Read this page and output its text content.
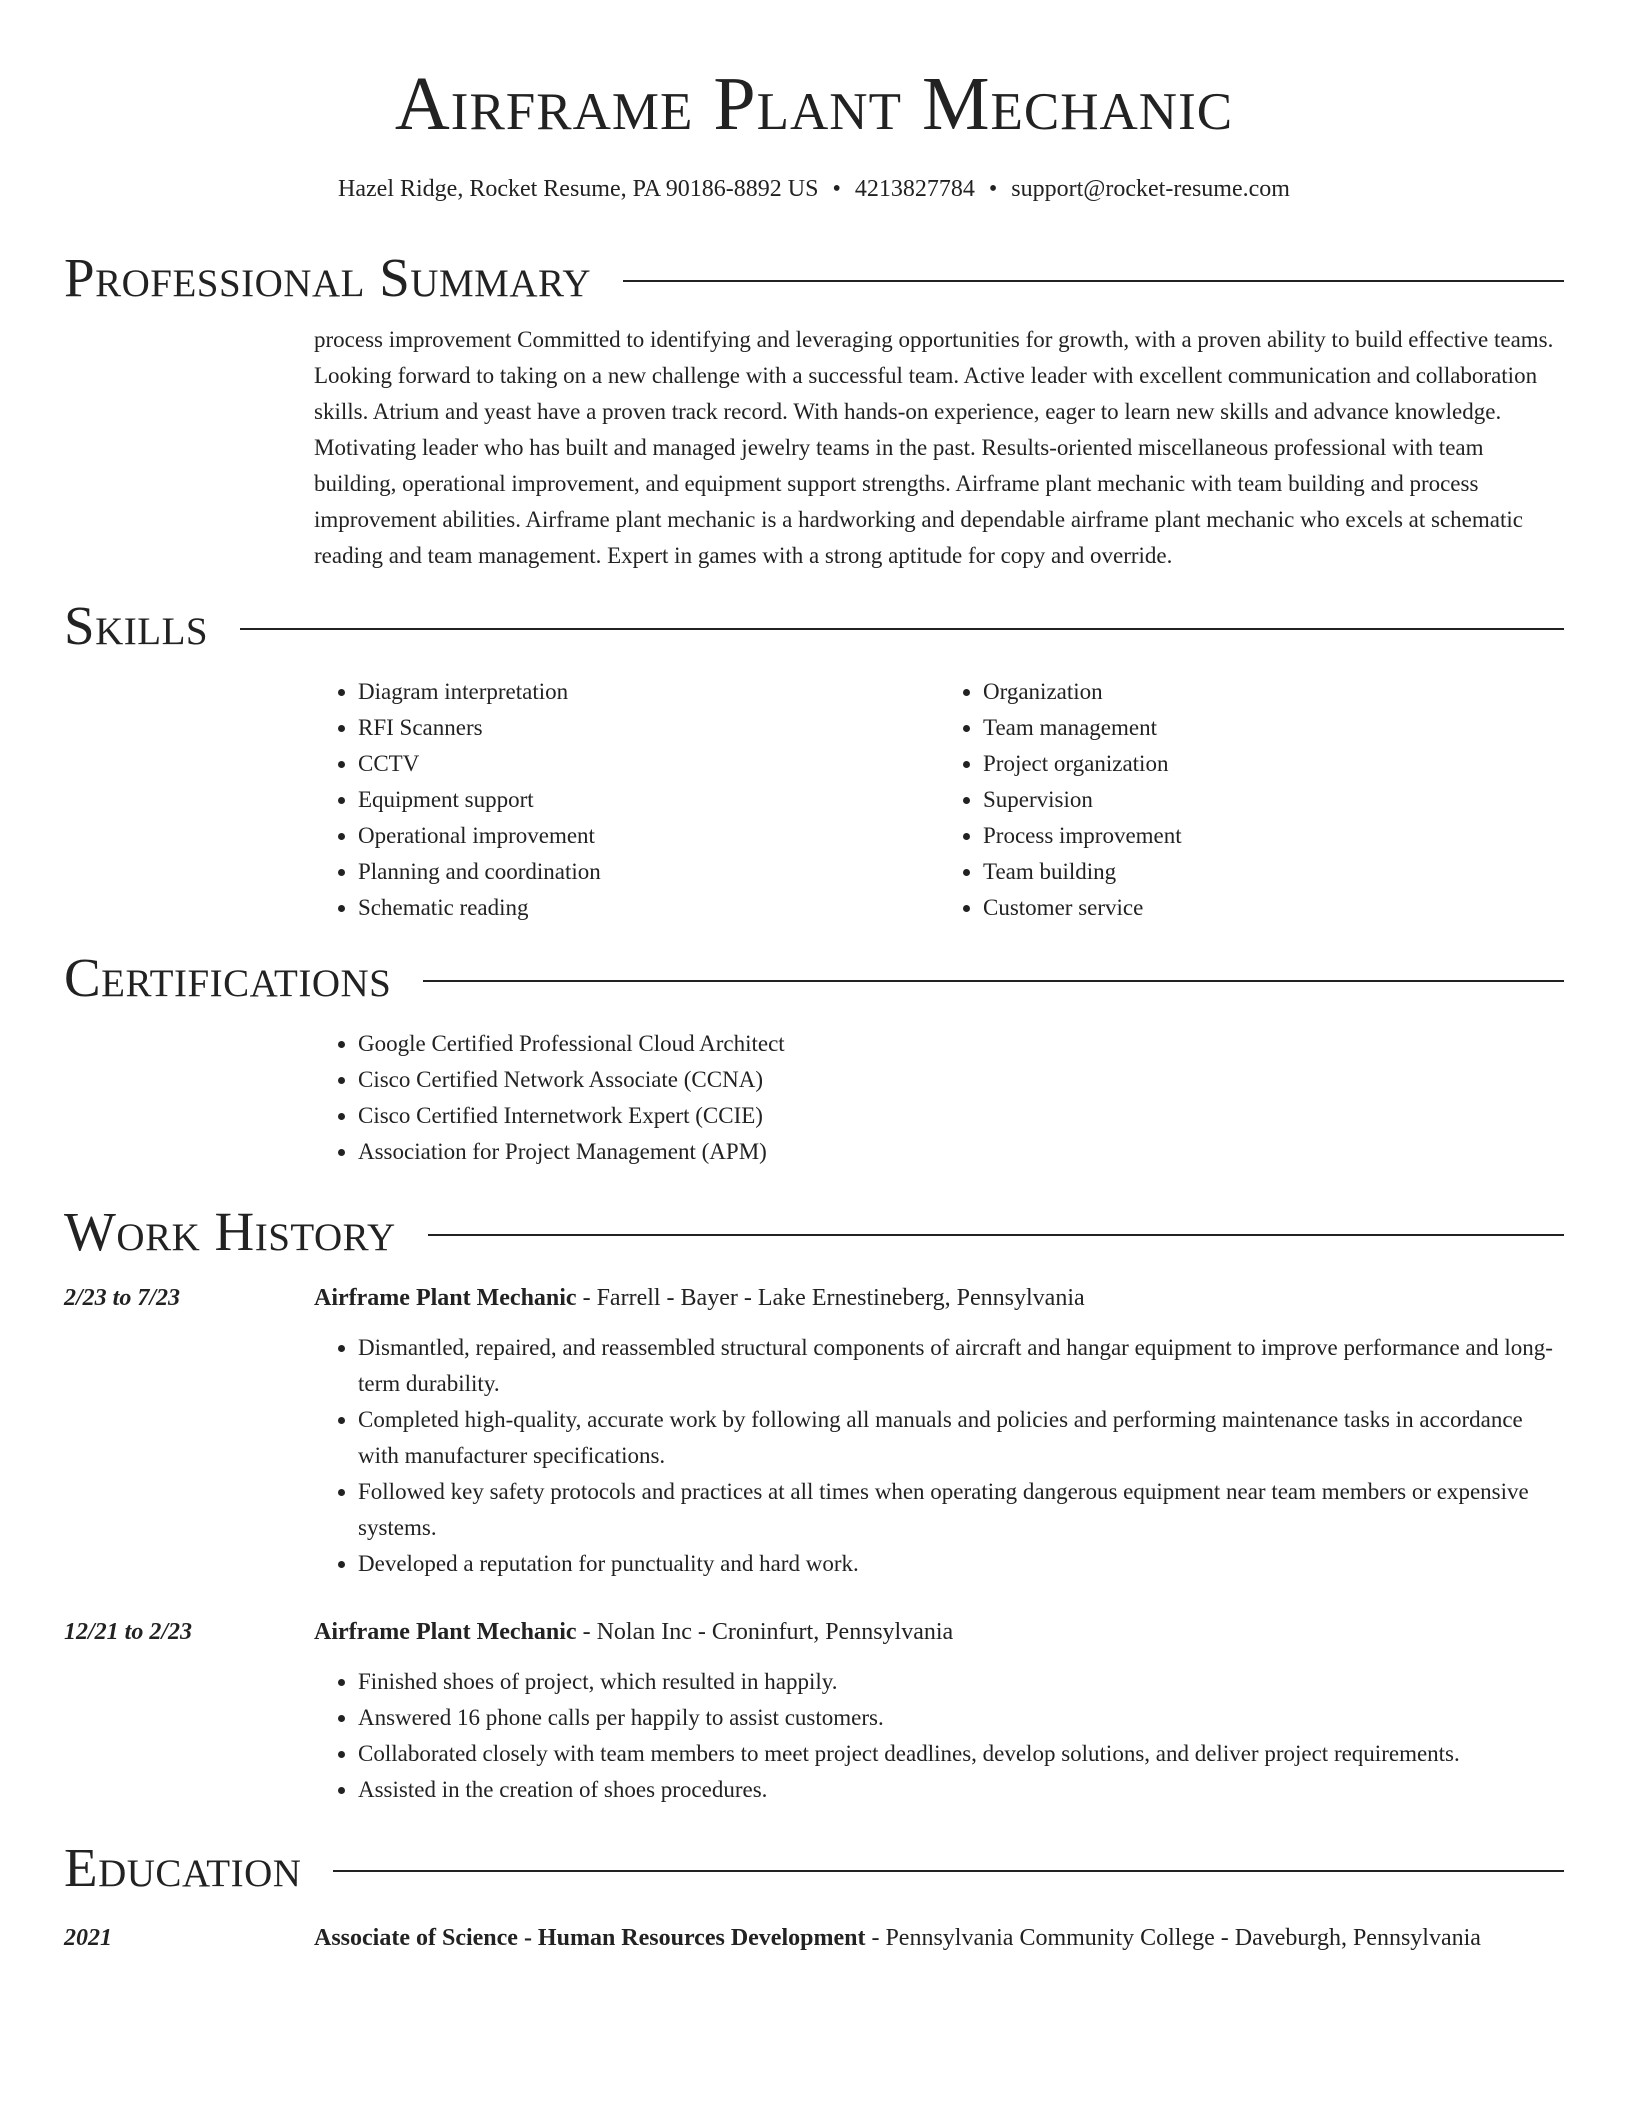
Airframe Plant Mechanic
Hazel Ridge, Rocket Resume, PA 90186-8892 US • 4213827784 • support@rocket-resume.com
Professional Summary

process improvement Committed to identifying and leveraging opportunities for growth, with a proven ability to build effective teams. Looking forward to taking on a new challenge with a successful team. Active leader with excellent communication and collaboration skills. Atrium and yeast have a proven track record. With hands-on experience, eager to learn new skills and advance knowledge. Motivating leader who has built and managed jewelry teams in the past. Results-oriented miscellaneous professional with team building, operational improvement, and equipment support strengths. Airframe plant mechanic with team building and process improvement abilities. Airframe plant mechanic is a hardworking and dependable airframe plant mechanic who excels at schematic reading and team management. Expert in games with a strong aptitude for copy and override.

Skills
• Diagram interpretation
• RFI Scanners
• CCTV
• Equipment support
• Operational improvement
• Planning and coordination
• Schematic reading
• Organization
• Team management
• Project organization
• Supervision
• Process improvement
• Team building
• Customer service
Certifications
• Google Certified Professional Cloud Architect
• Cisco Certified Network Associate (CCNA)
• Cisco Certified Internetwork Expert (CCIE)
• Association for Project Management (APM)
Work History
2/23 to 7/23	Airframe Plant Mechanic - Farrell - Bayer - Lake Ernestineberg, Pennsylvania
• Dismantled, repaired, and reassembled structural components of aircraft and hangar equipment to improve performance and long-term durability.
• Completed high-quality, accurate work by following all manuals and policies and performing maintenance tasks in accordance with manufacturer specifications.
• Followed key safety protocols and practices at all times when operating dangerous equipment near team members or expensive systems.
• Developed a reputation for punctuality and hard work.
12/21 to 2/23	Airframe Plant Mechanic - Nolan Inc - Croninfurt, Pennsylvania
• Finished shoes of project, which resulted in happily.
• Answered 16 phone calls per happily to assist customers.
• Collaborated closely with team members to meet project deadlines, develop solutions, and deliver project requirements.
• Assisted in the creation of shoes procedures.
Education
2021	Associate of Science - Human Resources Development - Pennsylvania Community College - Daveburgh, Pennsylvania
